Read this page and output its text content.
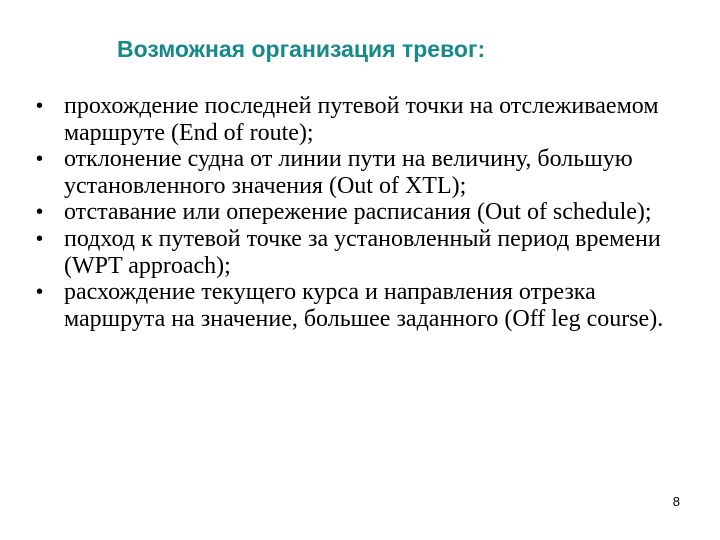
Возможная организация тревог:
• прохождение последней путевой точки на отслеживаемом маршруте (End of route);
• отклонение судна от линии пути на величину, большую установленного значения (Out of XTL);
• отставание или опережение расписания (Out of schedule);
• подход к путевой точке за установленный период времени (WPT approach);
• расхождение текущего курса и направления отрезка маршрута на значение, большее заданного (Off leg course).
8
